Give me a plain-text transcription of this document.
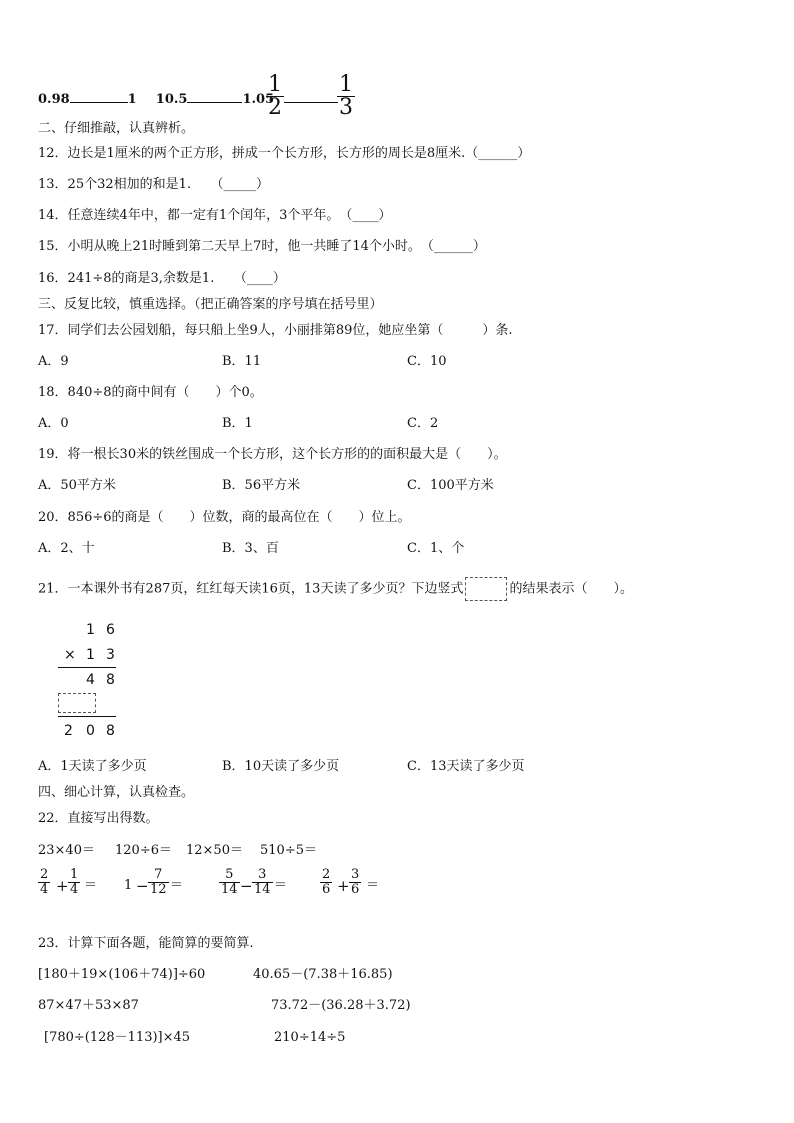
0.98	1 10.5	1.05
$\frac{1}{2} \frac{1}{3}$
二、仔细推敲，认真辨析。
12．边长是1厘米的两个正方形，拼成一个长方形，长方形的周长是8厘米.（______）
13．25个32相加的和是1.　　（_____）
14．任意连续4年中，都一定有1个闰年，3个平年。　（____）
15．小明从晚上21时睡到第二天早上7时，他一共睡了14个小时。　（______）
16．241÷8的商是3,余数是1.　　（____）
三、反复比较，慎重选择。（把正确答案的序号填在括号里）
17．同学们去公园划船，每只船上坐9人，小丽排第89位，她应坐第（　　　）条.
A．9	B．11	C．10
18．840÷8的商中间有（　　）个0。
A．0	B．1	C．2
19．将一根长30米的铁丝围成一个长方形，这个长方形的的面积最大是（　　）。
A．50平方米	B．56平方米	C．100平方米
20．856÷6的商是（　　）位数，商的最高位在（　　）位上。
A．2、十	B．3、百	C．1、个
21．一本课外书有287页，红红每天读16页，13天读了多少页？下边竖式	的结果表示（　　）。
1 6
× 1 3
4 8
2 0 8
A．1天读了多少页	B．10天读了多少页	C．13天读了多少页
四、细心计算，认真检查。
22．直接写出得数。
23×40＝ 120÷6＝ 12×50＝ 510÷5＝
$\frac{2}{4} + \frac{1}{4} = 1 - \frac{7}{12}$ ＝	$\frac{5}{14} - \frac{3}{14}$ ＝	$\frac{2}{6} + \frac{3}{6}$ ＝
23．计算下面各题，能简算的要简算.
[180＋19×(106＋74)]÷60	40.65－(7.38＋16.85)
87×47＋53×87	73.72－(36.28＋3.72)
[780÷(128－113)]×45	210÷14÷5
